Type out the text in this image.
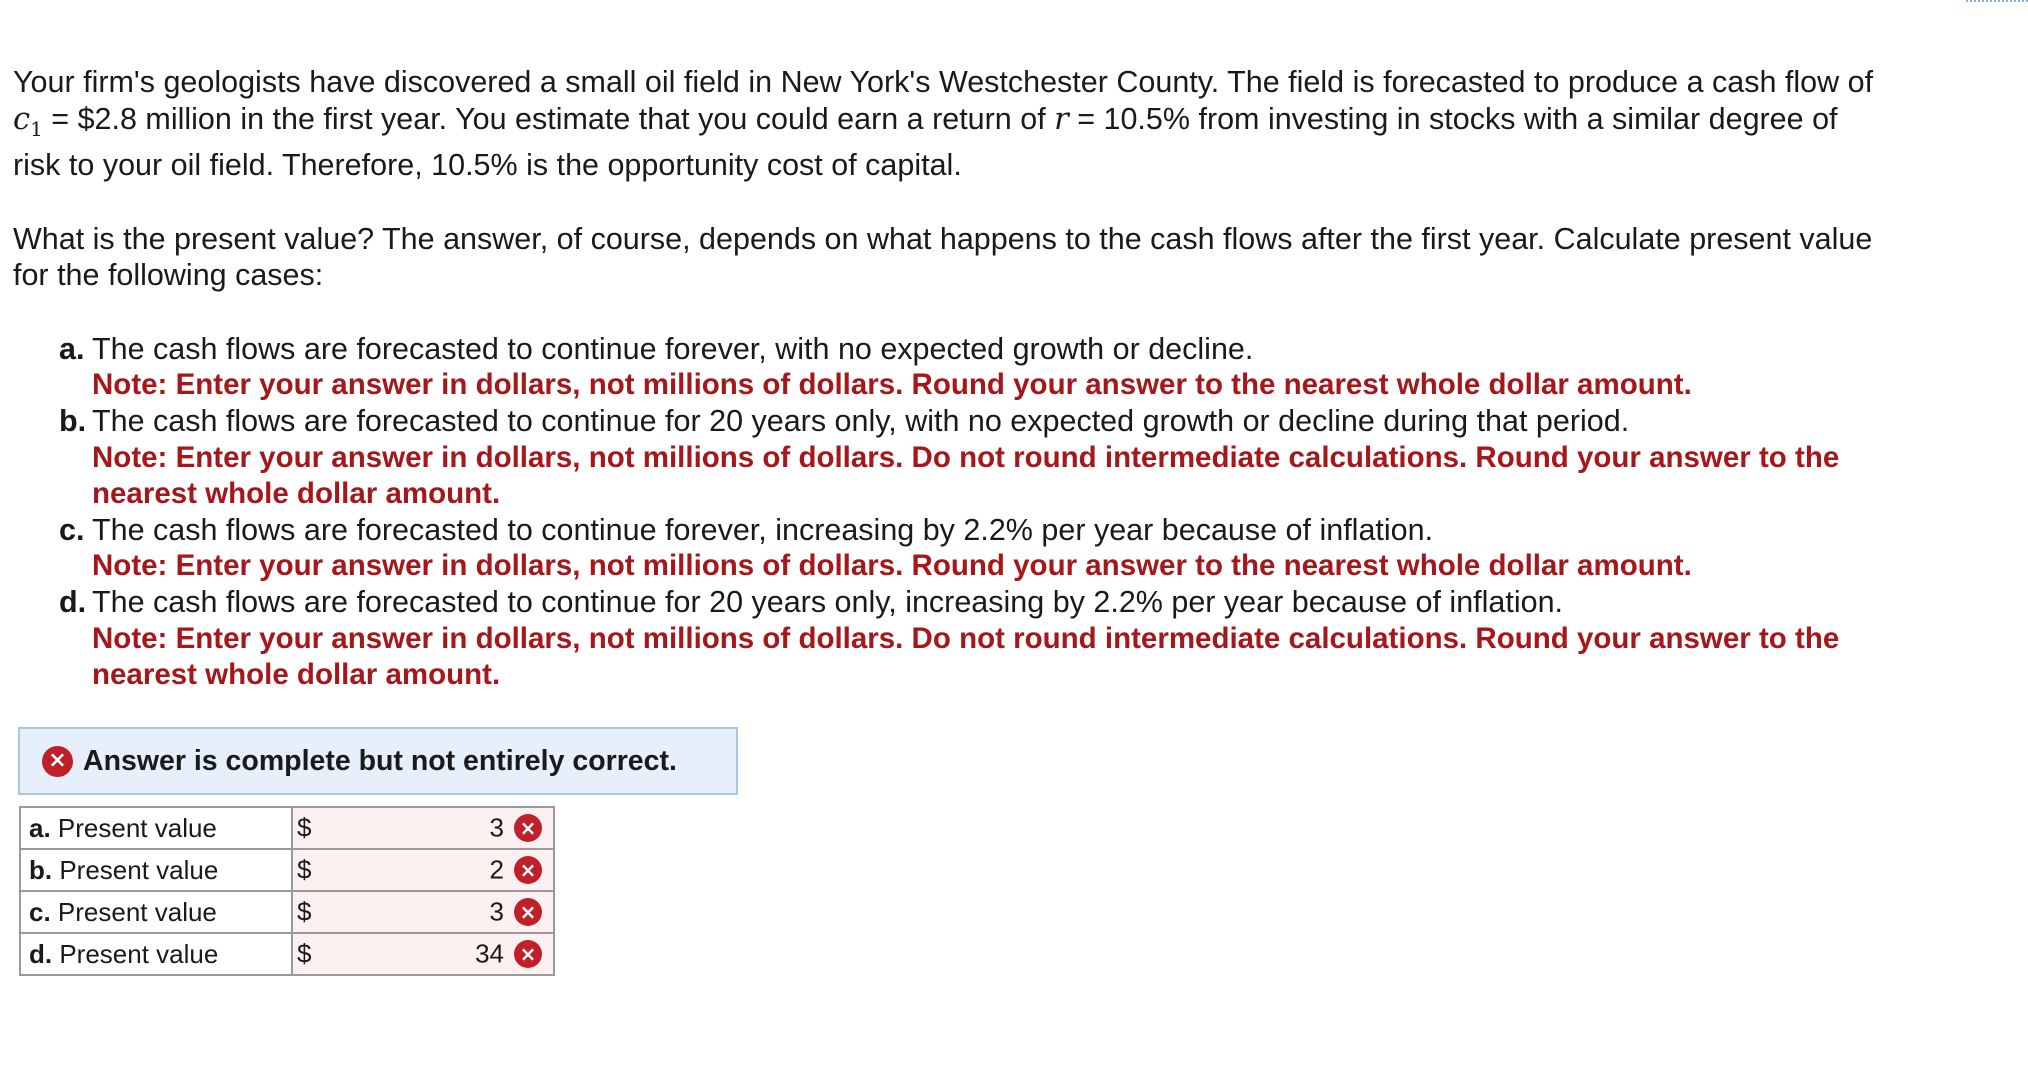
Your firm's geologists have discovered a small oil field in New York's Westchester County. The field is forecasted to produce a cash flow of $c_1$ = $2.8 million in the first year. You estimate that you could earn a return of r = 10.5% from investing in stocks with a similar degree of risk to your oil field. Therefore, 10.5% is the opportunity cost of capital.

What is the present value? The answer, of course, depends on what happens to the cash flows after the first year. Calculate present value for the following cases:

a. The cash flows are forecasted to continue forever, with no expected growth or decline.
Note: Enter your answer in dollars, not millions of dollars. Round your answer to the nearest whole dollar amount.
b. The cash flows are forecasted to continue for 20 years only, with no expected growth or decline during that period.
Note: Enter your answer in dollars, not millions of dollars. Do not round intermediate calculations. Round your answer to the nearest whole dollar amount.
c. The cash flows are forecasted to continue forever, increasing by 2.2% per year because of inflation.
Note: Enter your answer in dollars, not millions of dollars. Round your answer to the nearest whole dollar amount.
d. The cash flows are forecasted to continue for 20 years only, increasing by 2.2% per year because of inflation.
Note: Enter your answer in dollars, not millions of dollars. Do not round intermediate calculations. Round your answer to the nearest whole dollar amount.
× Answer is complete but not entirely correct.
a. Present value	$ 3 ×

b. Present value	$ 2 ×

c. Present value	$ 3 ×

d. Present value	$ 34 ×
